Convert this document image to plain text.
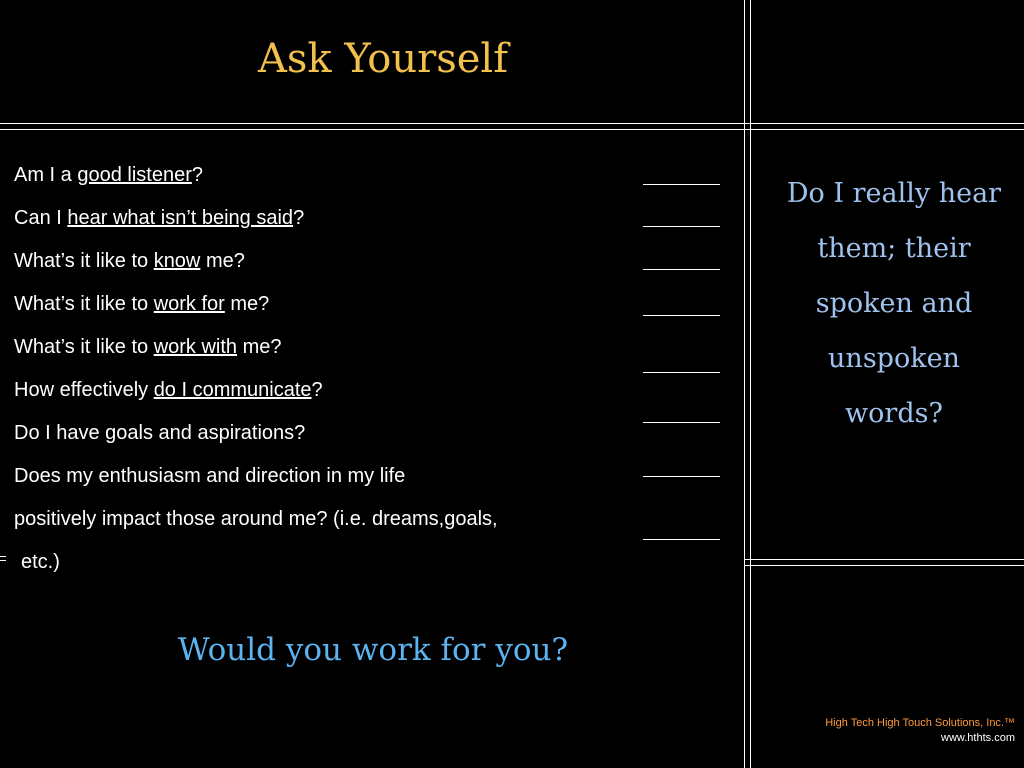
Ask Yourself
Am I a good listener?
Can I hear what isn’t being said?
What’s it like to know me?
What’s it like to work for me?
What’s it like to work with me?
How effectively do I communicate?
Do I have goals and aspirations?
Does my enthusiasm and direction in my life
positively impact those around me? (i.e. dreams,goals,
etc.)
Do I really hear
them; their
spoken and
unspoken
words?
Would you work for you?
High Tech High Touch Solutions, Inc.™
www.hthts.com
